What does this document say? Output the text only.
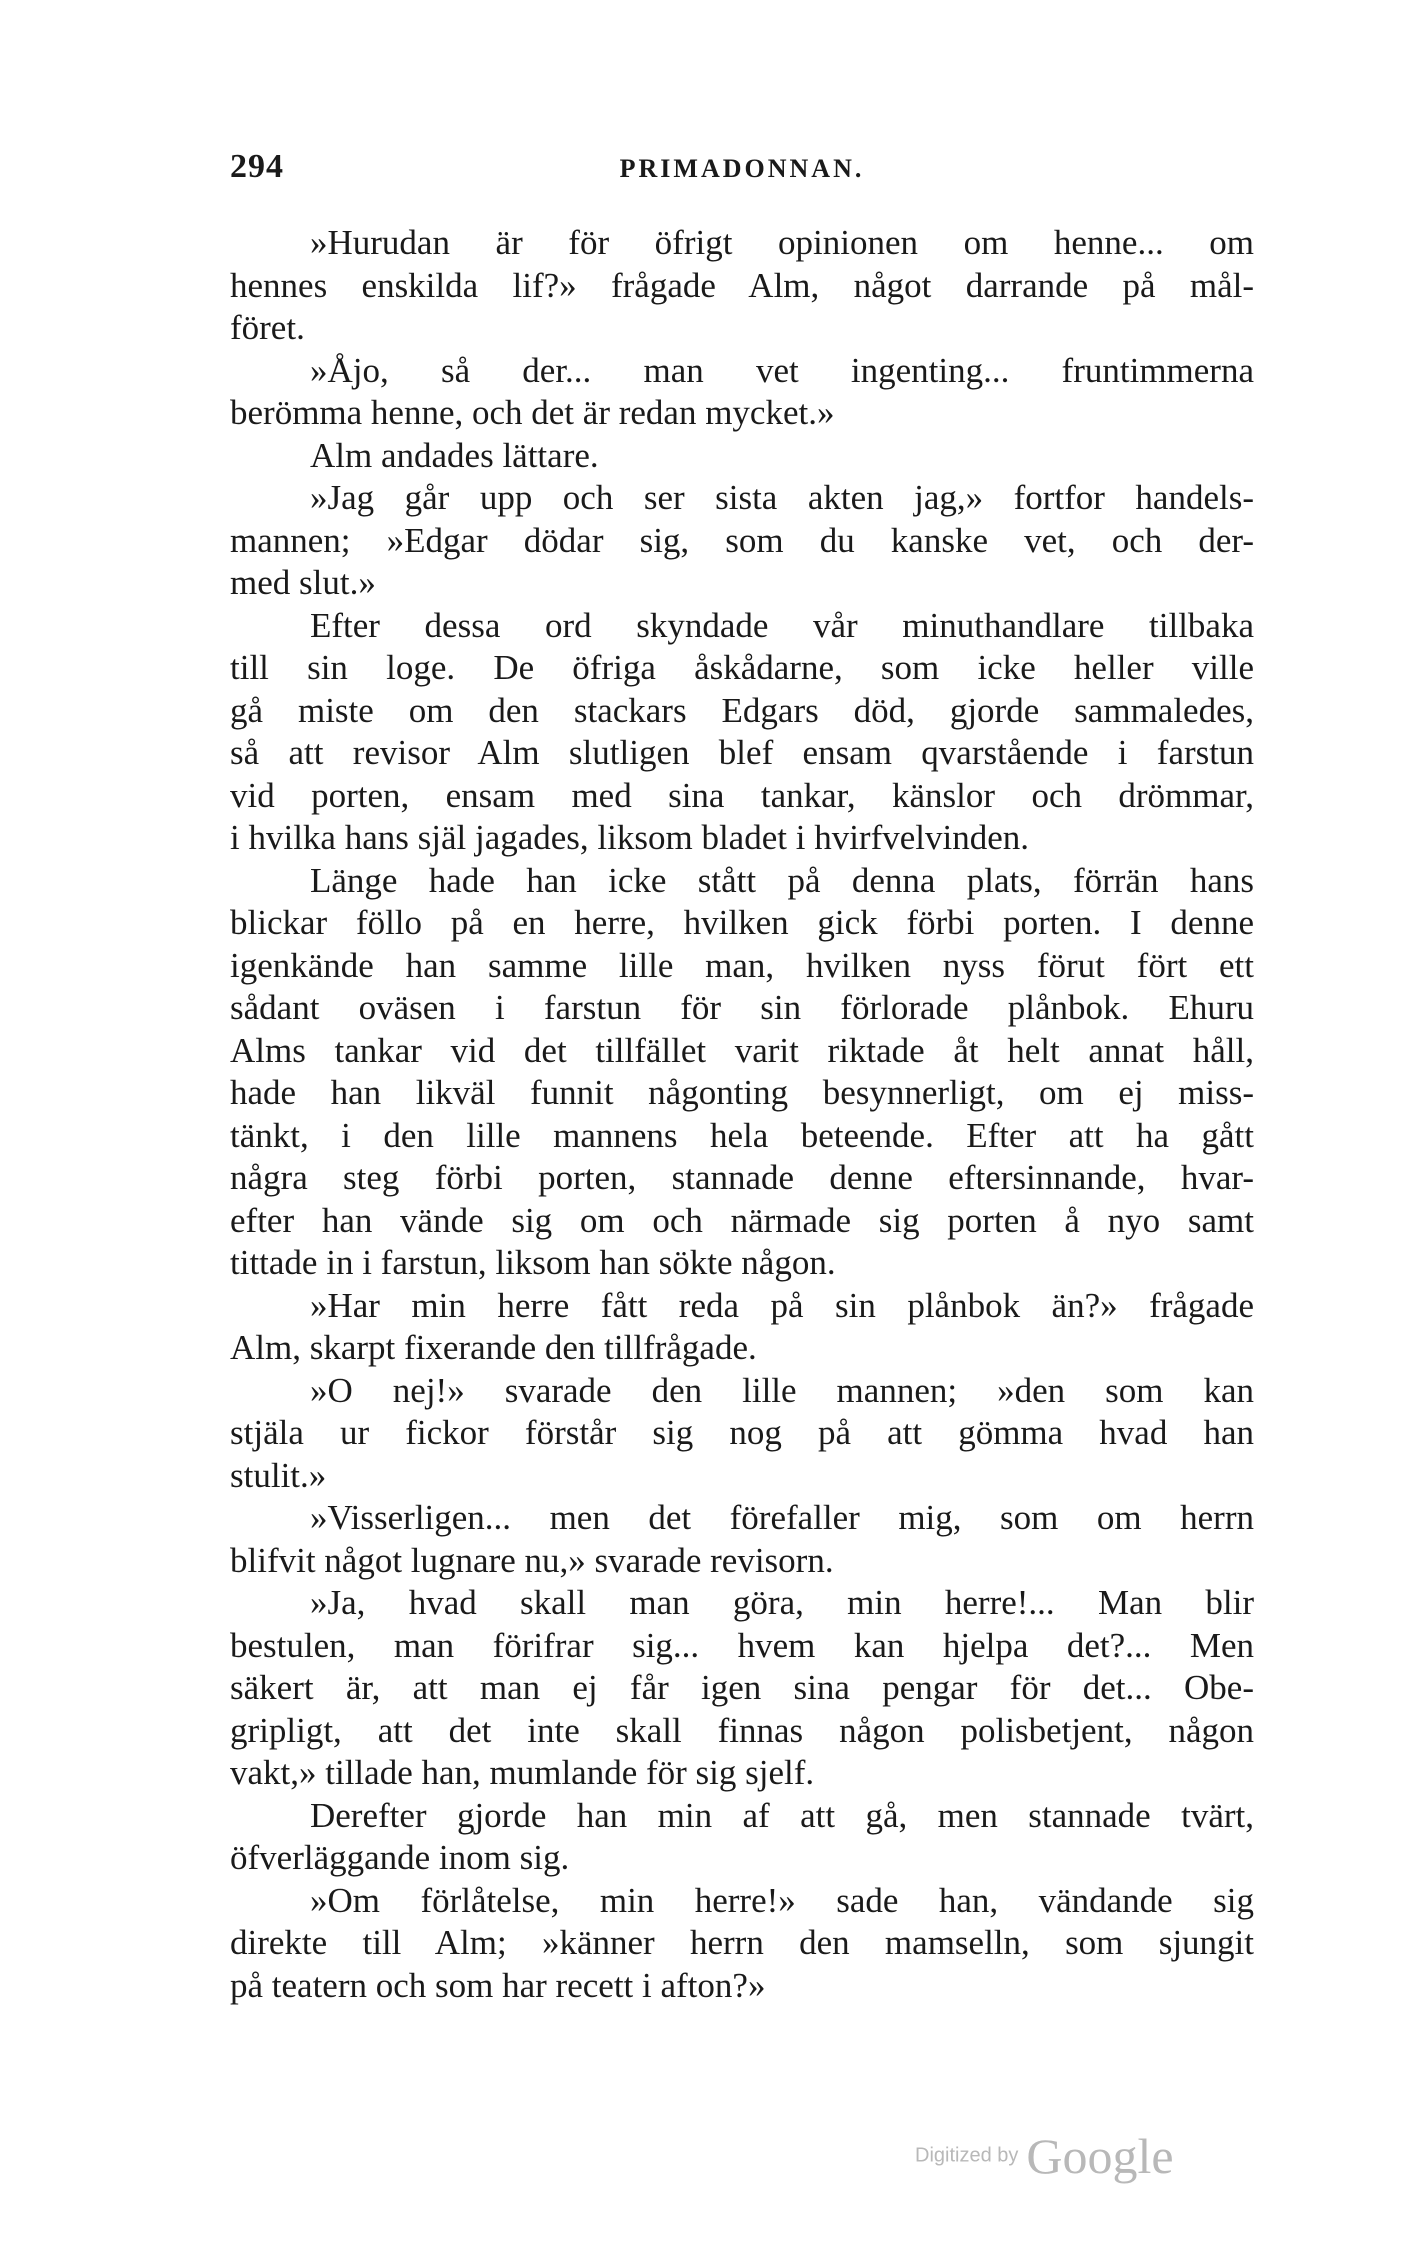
294	PRIMADONNAN.
»Hurudan är för öfrigt opinionen om henne... om
hennes enskilda lif?» frågade Alm, något darrande på mål-
föret.
»Åjo, så der... man vet ingenting... fruntimmerna
berömma henne, och det är redan mycket.»
Alm andades lättare.
»Jag går upp och ser sista akten jag,» fortfor handels-
mannen; »Edgar dödar sig, som du kanske vet, och der-
med slut.»
Efter dessa ord skyndade vår minuthandlare tillbaka
till sin loge. De öfriga åskådarne, som icke heller ville
gå miste om den stackars Edgars död, gjorde sammaledes,
så att revisor Alm slutligen blef ensam qvarstående i farstun
vid porten, ensam med sina tankar, känslor och drömmar,
i hvilka hans själ jagades, liksom bladet i hvirfvelvinden.
Länge hade han icke stått på denna plats, förrän hans
blickar föllo på en herre, hvilken gick förbi porten. I denne
igenkände han samme lille man, hvilken nyss förut fört ett
sådant oväsen i farstun för sin förlorade plånbok. Ehuru
Alms tankar vid det tillfället varit riktade åt helt annat håll,
hade han likväl funnit någonting besynnerligt, om ej miss-
tänkt, i den lille mannens hela beteende. Efter att ha gått
några steg förbi porten, stannade denne eftersinnande, hvar-
efter han vände sig om och närmade sig porten å nyo samt
tittade in i farstun, liksom han sökte någon.
»Har min herre fått reda på sin plånbok än?» frågade
Alm, skarpt fixerande den tillfrågade.
»O nej!» svarade den lille mannen; »den som kan
stjäla ur fickor förstår sig nog på att gömma hvad han
stulit.»
»Visserligen... men det förefaller mig, som om herrn
blifvit något lugnare nu,» svarade revisorn.
»Ja, hvad skall man göra, min herre!... Man blir
bestulen, man förifrar sig... hvem kan hjelpa det?... Men
säkert är, att man ej får igen sina pengar för det... Obe-
gripligt, att det inte skall finnas någon polisbetjent, någon
vakt,» tillade han, mumlande för sig sjelf.
Derefter gjorde han min af att gå, men stannade tvärt,
öfverläggande inom sig.
»Om förlåtelse, min herre!» sade han, vändande sig
direkte till Alm; »känner herrn den mamselln, som sjungit
på teatern och som har recett i afton?»
Digitized by Google
